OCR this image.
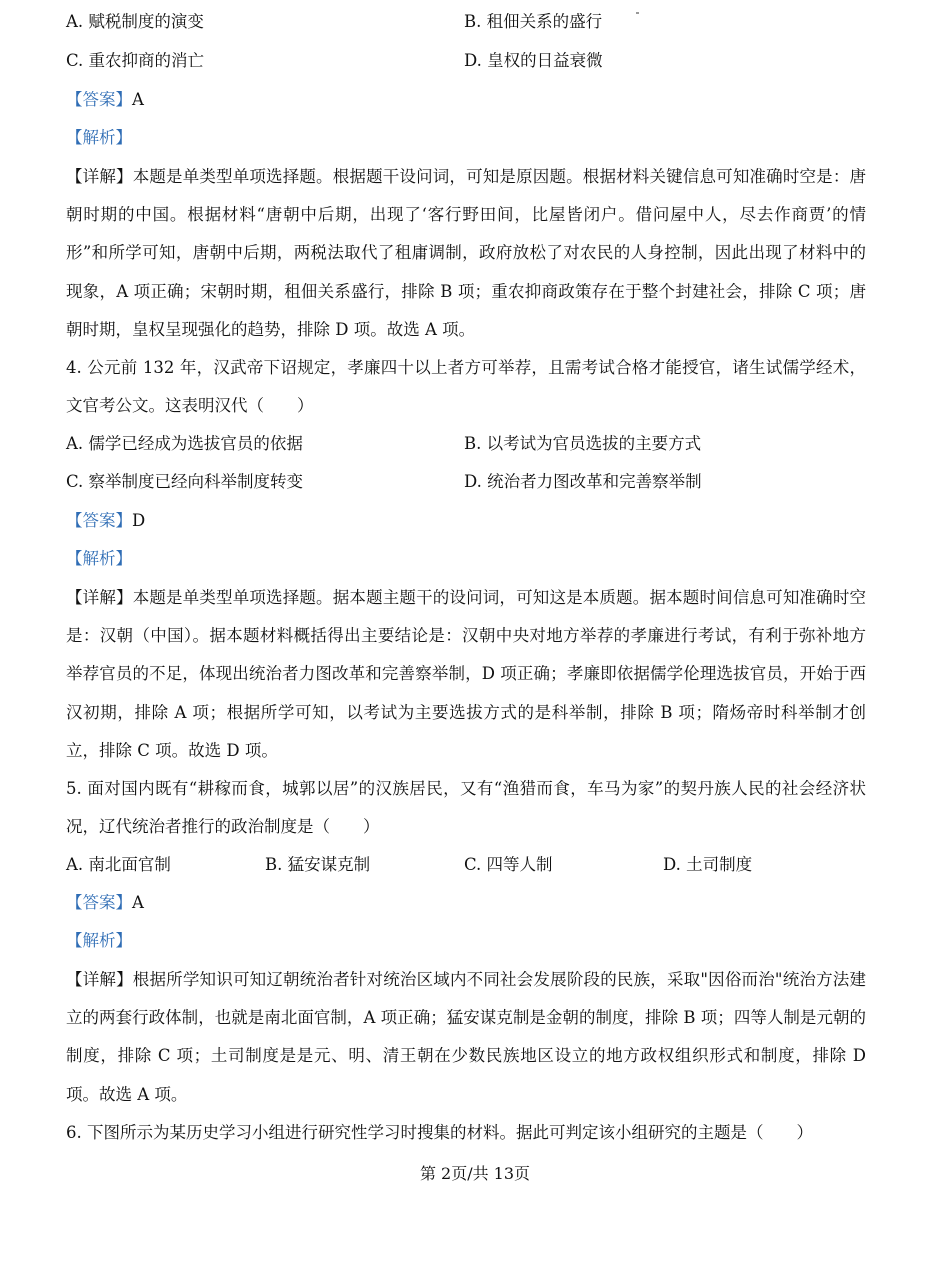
A. 赋税制度的演变	B. 租佃关系的盛行
C. 重农抑商的消亡	D. 皇权的日益衰微
【答案】A
【解析】
【详解】本题是单类型单项选择题。根据题干设问词，可知是原因题。根据材料关键信息可知准确时空是：唐朝时期的中国。根据材料“唐朝中后期，出现了‘客行野田间，比屋皆闭户。借问屋中人，尽去作商贾’的情形”和所学可知，唐朝中后期，两税法取代了租庸调制，政府放松了对农民的人身控制，因此出现了材料中的现象，A 项正确；宋朝时期，租佃关系盛行，排除 B 项；重农抑商政策存在于整个封建社会，排除 C 项；唐朝时期，皇权呈现强化的趋势，排除 D 项。故选 A 项。
4. 公元前 132 年，汉武帝下诏规定，孝廉四十以上者方可举荐，且需考试合格才能授官，诸生试儒学经术，文官考公文。这表明汉代（　　）
A. 儒学已经成为选拔官员的依据	B. 以考试为官员选拔的主要方式
C. 察举制度已经向科举制度转变	D. 统治者力图改革和完善察举制
【答案】D
【解析】
【详解】本题是单类型单项选择题。据本题主题干的设问词，可知这是本质题。据本题时间信息可知准确时空是：汉朝（中国）。据本题材料概括得出主要结论是：汉朝中央对地方举荐的孝廉进行考试，有利于弥补地方举荐官员的不足，体现出统治者力图改革和完善察举制，D 项正确；孝廉即依据儒学伦理选拔官员，开始于西汉初期，排除 A 项；根据所学可知，以考试为主要选拔方式的是科举制，排除 B 项；隋炀帝时科举制才创立，排除 C 项。故选 D 项。
5. 面对国内既有“耕稼而食，城郭以居”的汉族居民，又有“渔猎而食，车马为家”的契丹族人民的社会经济状况，辽代统治者推行的政治制度是（　　）
A. 南北面官制	B. 猛安谋克制	C. 四等人制	D. 土司制度
【答案】A
【解析】
【详解】根据所学知识可知辽朝统治者针对统治区域内不同社会发展阶段的民族，采取"因俗而治"统治方法建立的两套行政体制，也就是南北面官制，A 项正确；猛安谋克制是金朝的制度，排除 B 项；四等人制是元朝的制度，排除 C 项；土司制度是是元、明、清王朝在少数民族地区设立的地方政权组织形式和制度，排除 D 项。故选 A 项。
6. 下图所示为某历史学习小组进行研究性学习时搜集的材料。据此可判定该小组研究的主题是（　　）
第 2页/共 13页
